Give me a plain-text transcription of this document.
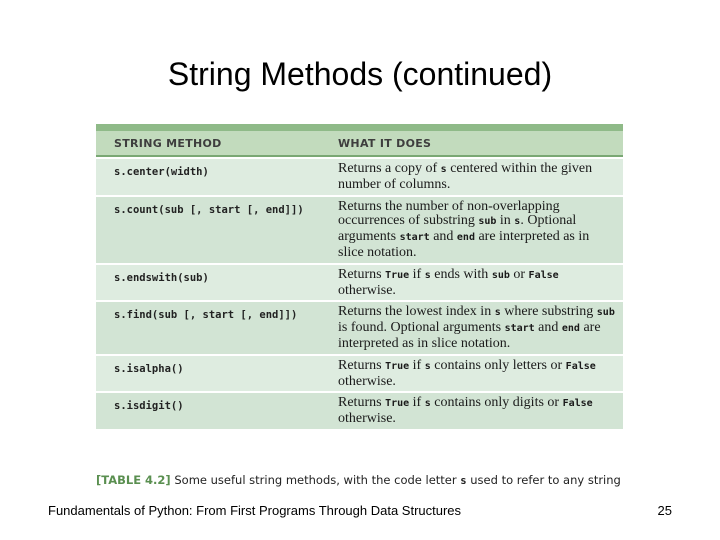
String Methods (continued)
STRING METHOD	WHAT IT DOES
s.center(width)	Returns a copy of s centered within the given number of columns.
s.count(sub [, start [, end]])	Returns the number of non-overlapping occurrences of substring sub in s. Optional arguments start and end are interpreted as in slice notation.
s.endswith(sub)	Returns True if s ends with sub or False otherwise.
s.find(sub [, start [, end]])	Returns the lowest index in s where substring sub is found. Optional arguments start and end are interpreted as in slice notation.
s.isalpha()	Returns True if s contains only letters or False otherwise.
s.isdigit()	Returns True if s contains only digits or False otherwise.
[TABLE 4.2] Some useful string methods, with the code letter s used to refer to any string
Fundamentals of Python: From First Programs Through Data Structures	25
